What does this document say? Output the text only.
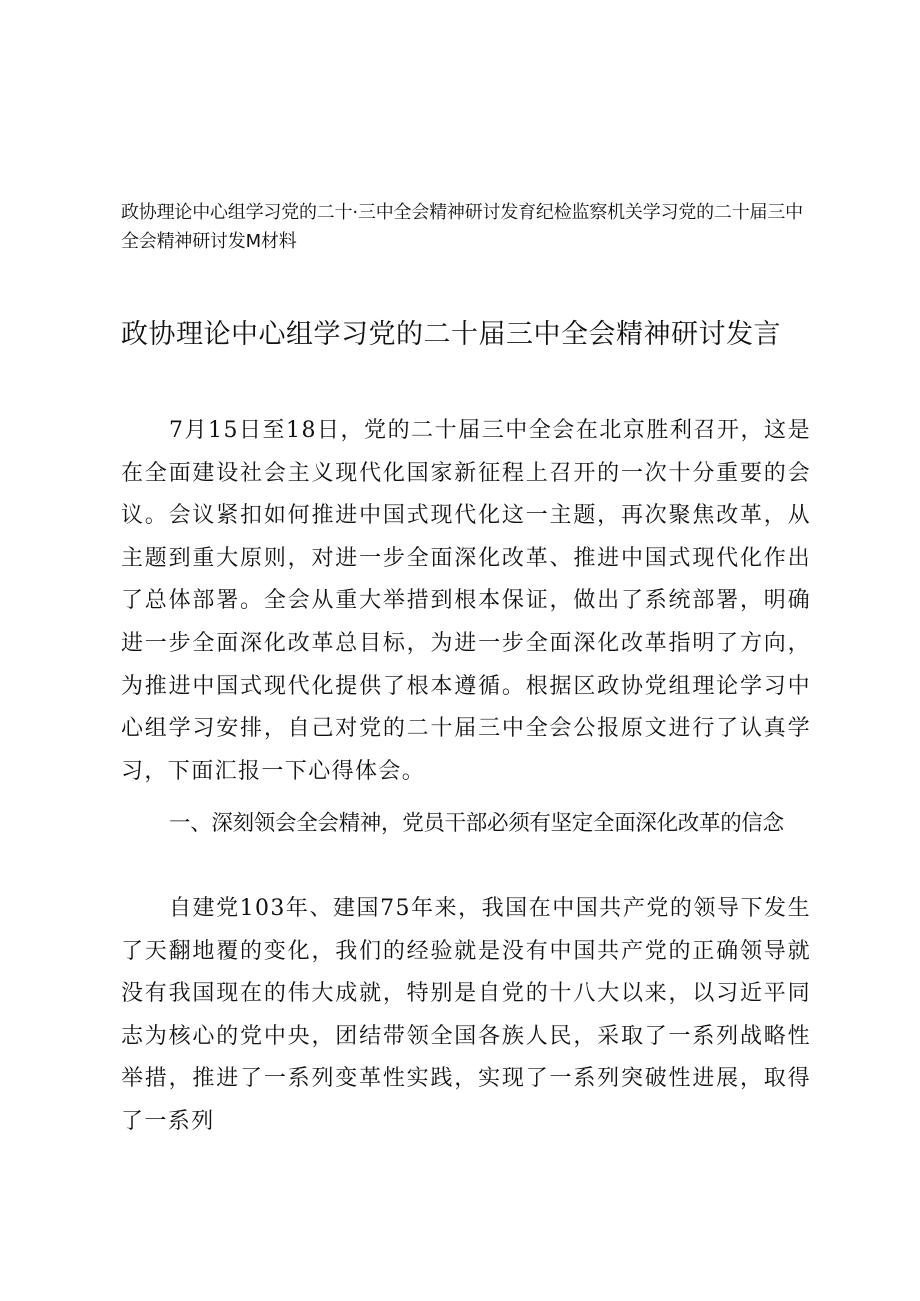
政协理论中心组学习党的二十·三中全会精神研讨发育纪检监察机关学习党的二十届三中全会精神研讨发M材料
政协理论中心组学习党的二十届三中全会精神研讨发言
7月15日至18日，党的二十届三中全会在北京胜利召开，这是在全面建设社会主义现代化国家新征程上召开的一次十分重要的会议。会议紧扣如何推进中国式现代化这一主题，再次聚焦改革，从主题到重大原则，对进一步全面深化改革、推进中国式现代化作出了总体部署。全会从重大举措到根本保证，做出了系统部署，明确进一步全面深化改革总目标，为进一步全面深化改革指明了方向，为推进中国式现代化提供了根本遵循。根据区政协党组理论学习中心组学习安排，自己对党的二十届三中全会公报原文进行了认真学习，下面汇报一下心得体会。
一、深刻领会全会精神，党员干部必须有坚定全面深化改革的信念
自建党103年、建国75年来，我国在中国共产党的领导下发生了天翻地覆的变化，我们的经验就是没有中国共产党的正确领导就没有我国现在的伟大成就，特别是自党的十八大以来，以习近平同志为核心的党中央，团结带领全国各族人民，采取了一系列战略性举措，推进了一系列变革性实践，实现了一系列突破性进展，取得了一系列
